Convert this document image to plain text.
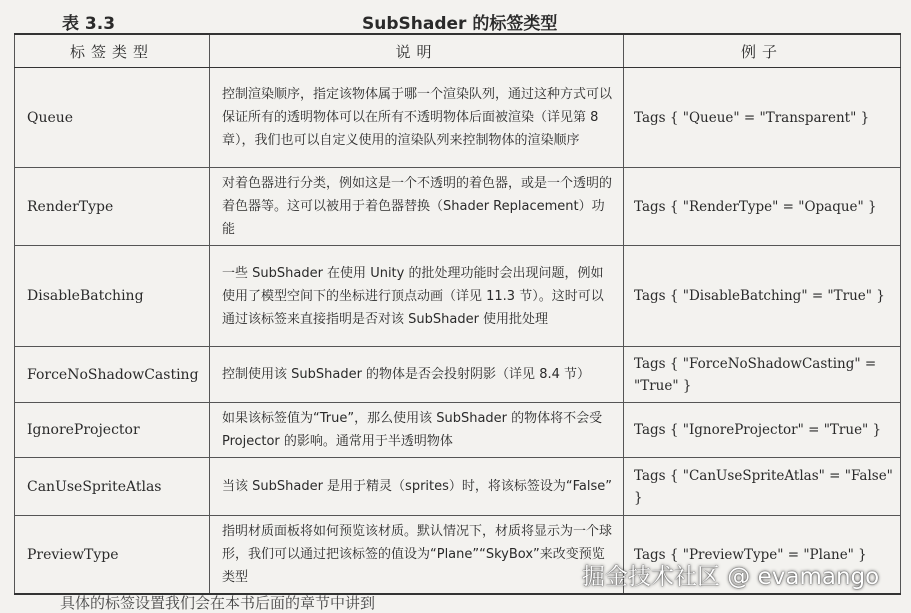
表 3.3	SubShader 的标签类型
标签类型	说明	例子
Queue	控制渲染顺序，指定该物体属于哪一个渲染队列，通过这种方式可以保证所有的透明物体可以在所有不透明物体后面被渲染（详见第 8 章），我们也可以自定义使用的渲染队列来控制物体的渲染顺序	Tags { "Queue" = "Transparent" }
RenderType	对着色器进行分类，例如这是一个不透明的着色器，或是一个透明的着色器等。这可以被用于着色器替换（Shader Replacement）功能	Tags { "RenderType" = "Opaque" }
DisableBatching	一些 SubShader 在使用 Unity 的批处理功能时会出现问题，例如使用了模型空间下的坐标进行顶点动画（详见 11.3 节）。这时可以通过该标签来直接指明是否对该 SubShader 使用批处理	Tags { "DisableBatching" = "True" }
ForceNoShadowCasting	控制使用该 SubShader 的物体是否会投射阴影（详见 8.4 节）	Tags { "ForceNoShadowCasting" = "True" }
IgnoreProjector	如果该标签值为“True”，那么使用该 SubShader 的物体将不会受 Projector 的影响。通常用于半透明物体	Tags { "IgnoreProjector" = "True" }
CanUseSpriteAtlas	当该 SubShader 是用于精灵（sprites）时，将该标签设为“False”	Tags { "CanUseSpriteAtlas" = "False" }
PreviewType	指明材质面板将如何预览该材质。默认情况下，材质将显示为一个球形，我们可以通过把该标签的值设为“Plane”“SkyBox”来改变预览类型	Tags { "PreviewType" = "Plane" }
具体的标签设置我们会在本书后面的章节中讲到
掘金技术社区 @ evamango
